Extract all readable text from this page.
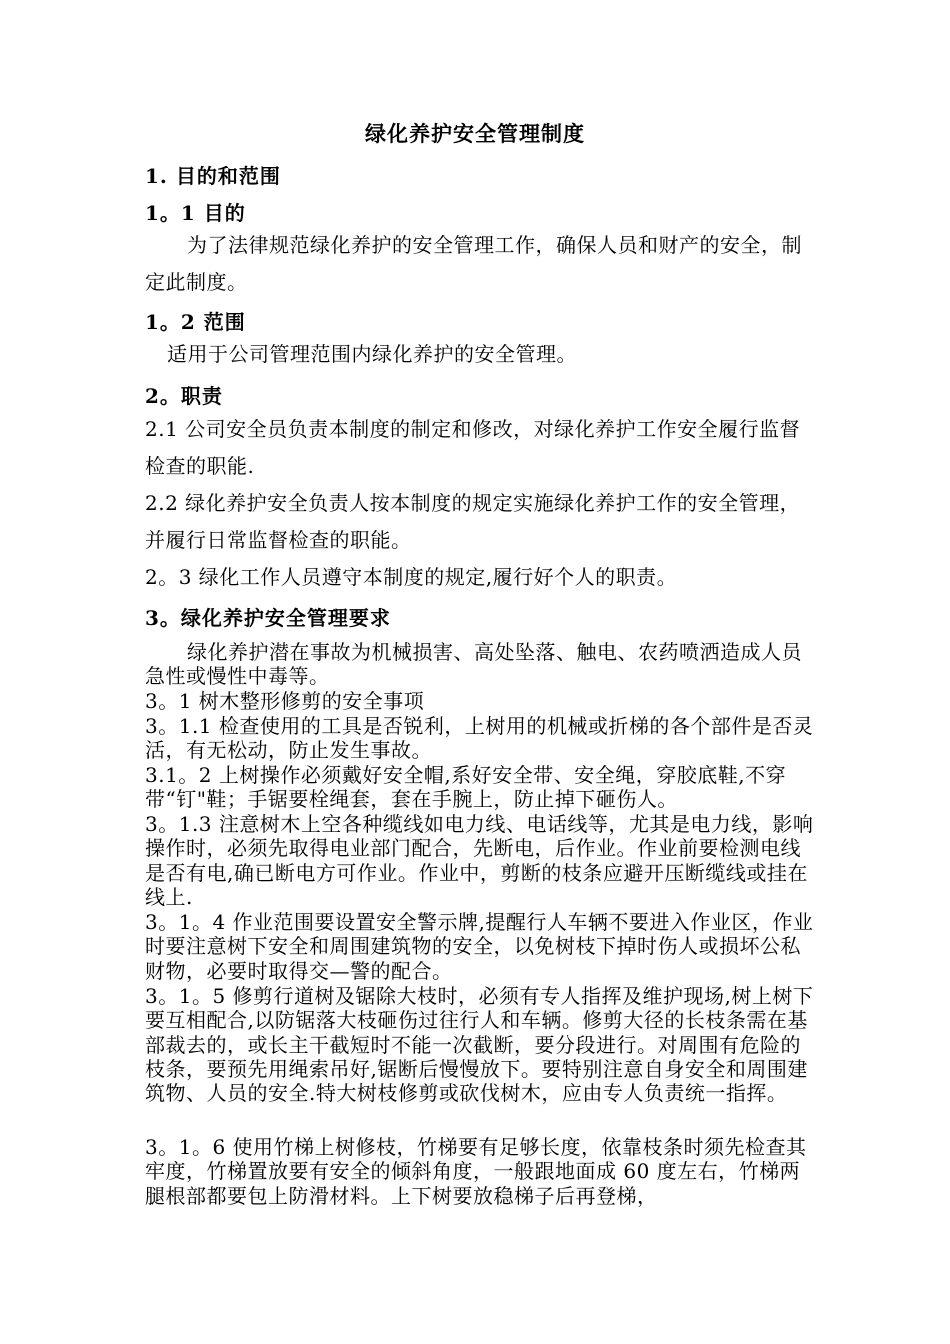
绿化养护安全管理制度
1. 目的和范围
1。1 目的
为了法律规范绿化养护的安全管理工作，确保人员和财产的安全，制定此制度。
1。2 范围
适用于公司管理范围内绿化养护的安全管理。
2。职责
2.1 公司安全员负责本制度的制定和修改，对绿化养护工作安全履行监督检查的职能.
2.2 绿化养护安全负责人按本制度的规定实施绿化养护工作的安全管理，并履行日常监督检查的职能。
2。3 绿化工作人员遵守本制度的规定,履行好个人的职责。
3。绿化养护安全管理要求
绿化养护潜在事故为机械损害、高处坠落、触电、农药喷洒造成人员急性或慢性中毒等。
3。1 树木整形修剪的安全事项
3。1.1 检查使用的工具是否锐利，上树用的机械或折梯的各个部件是否灵活，有无松动，防止发生事故。
3.1。2 上树操作必须戴好安全帽,系好安全带、安全绳，穿胶底鞋,不穿带“钉"鞋；手锯要栓绳套，套在手腕上，防止掉下砸伤人。
3。1.3 注意树木上空各种缆线如电力线、电话线等，尤其是电力线，影响操作时，必须先取得电业部门配合，先断电，后作业。作业前要检测电线是否有电,确已断电方可作业。作业中，剪断的枝条应避开压断缆线或挂在线上.
3。1。4 作业范围要设置安全警示牌,提醒行人车辆不要进入作业区，作业时要注意树下安全和周围建筑物的安全，以免树枝下掉时伤人或损坏公私财物，必要时取得交—警的配合。
3。1。5 修剪行道树及锯除大枝时，必须有专人指挥及维护现场,树上树下要互相配合,以防锯落大枝砸伤过往行人和车辆。修剪大径的长枝条需在基部裁去的，或长主干截短时不能一次截断，要分段进行。对周围有危险的枝条，要预先用绳索吊好,锯断后慢慢放下。要特别注意自身安全和周围建筑物、人员的安全.特大树枝修剪或砍伐树木，应由专人负责统一指挥。
3。1。6 使用竹梯上树修枝，竹梯要有足够长度，依靠枝条时须先检查其牢度，竹梯置放要有安全的倾斜角度，一般跟地面成 60 度左右，竹梯两腿根部都要包上防滑材料。上下树要放稳梯子后再登梯，
